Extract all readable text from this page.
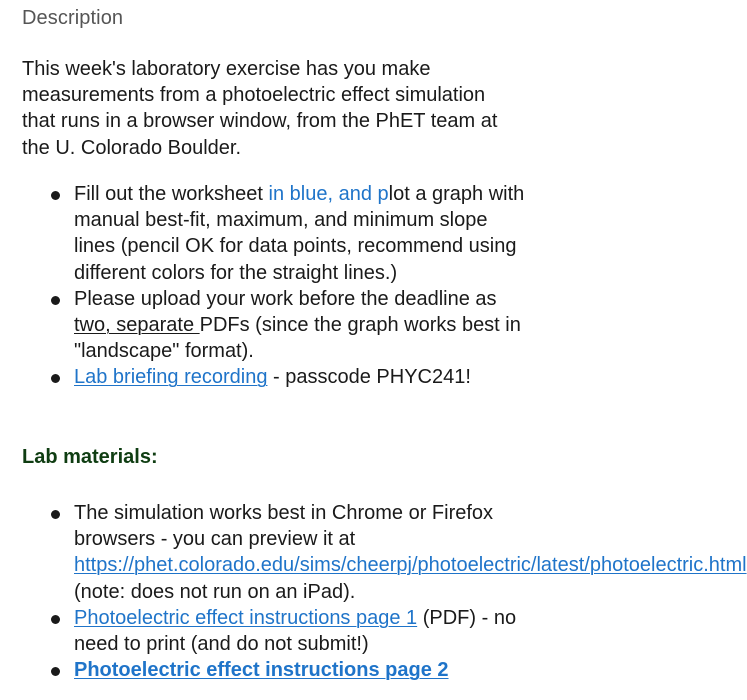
Description

This week's laboratory exercise has you make measurements from a photoelectric effect simulation that runs in a browser window, from the PhET team at the U. Colorado Boulder.

Fill out the worksheet in blue, and plot a graph with manual best-fit, maximum, and minimum slope lines (pencil OK for data points, recommend using different colors for the straight lines.)
Please upload your work before the deadline as two, separate PDFs (since the graph works best in "landscape" format).
Lab briefing recording - passcode PHYC241!
Lab materials:
The simulation works best in Chrome or Firefox browsers - you can preview it at https://phet.colorado.edu/sims/cheerpj/photoelectric/latest/photoelectric.html (note: does not run on an iPad).
Photoelectric effect instructions page 1 (PDF) - no need to print (and do not submit!)
Photoelectric effect instructions page 2
